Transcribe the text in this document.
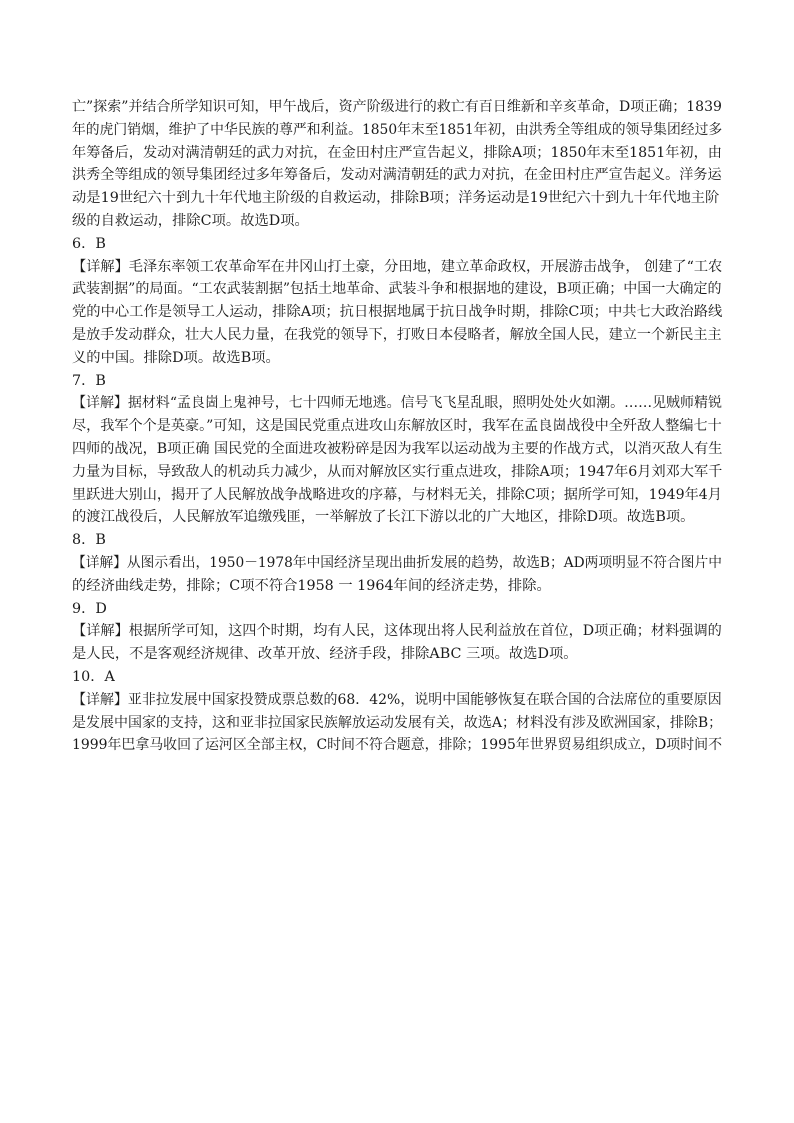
亡”探索”并结合所学知识可知，甲午战后，资产阶级进行的救亡有百日维新和辛亥革命，D项正确；1839
年的虎门销烟，维护了中华民族的尊严和利益。1850年末至1851年初，由洪秀全等组成的领导集团经过多
年筹备后，发动对满清朝廷的武力对抗，在金田村庄严宣告起义，排除A项；1850年末至1851年初，由
洪秀全等组成的领导集团经过多年筹备后，发动对满清朝廷的武力对抗，在金田村庄严宣告起义。洋务运
动是19世纪六十到九十年代地主阶级的自救运动，排除B项；洋务运动是19世纪六十到九十年代地主阶
级的自救运动，排除C项。故选D项。
6．B
【详解】毛泽东率领工农革命军在井冈山打土豪，分田地，建立革命政权，开展游击战争， 创建了“工农
武装割据”的局面。“工农武装割据”包括土地革命、武装斗争和根据地的建设，B项正确；中国一大确定的
党的中心工作是领导工人运动，排除A项；抗日根据地属于抗日战争时期，排除C项；中共七大政治路线
是放手发动群众，壮大人民力量，在我党的领导下，打败日本侵略者，解放全国人民，建立一个新民主主
义的中国。排除D项。故选B项。
7．B
【详解】据材料“孟良崮上鬼神号，七十四师无地逃。信号飞飞星乱眼，照明处处火如潮。……见贼师精锐
尽，我军个个是英豪。”可知，这是国民党重点进攻山东解放区时，我军在孟良崮战役中全歼敌人整编七十
四师的战况，B项正确 国民党的全面进攻被粉碎是因为我军以运动战为主要的作战方式，以消灭敌人有生
力量为目标，导致敌人的机动兵力减少，从而对解放区实行重点进攻，排除A项；1947年6月刘邓大军千
里跃进大别山，揭开了人民解放战争战略进攻的序幕，与材料无关，排除C项；据所学可知，1949年4月
的渡江战役后，人民解放军追缴残匪，一举解放了长江下游以北的广大地区，排除D项。故选B项。
8．B
【详解】从图示看出，1950－1978年中国经济呈现出曲折发展的趋势，故选B；AD两项明显不符合图片中
的经济曲线走势，排除；C项不符合1958 一 1964年间的经济走势，排除。
9．D
【详解】根据所学可知，这四个时期，均有人民，这体现出将人民利益放在首位，D项正确；材料强调的
是人民，不是客观经济规律、改革开放、经济手段，排除ABC 三项。故选D项。
10．A
【详解】亚非拉发展中国家投赞成票总数的68．42%，说明中国能够恢复在联合国的合法席位的重要原因
是发展中国家的支持，这和亚非拉国家民族解放运动发展有关，故选A；材料没有涉及欧洲国家，排除B；
1999年巴拿马收回了运河区全部主权，C时间不符合题意，排除；1995年世界贸易组织成立，D项时间不
